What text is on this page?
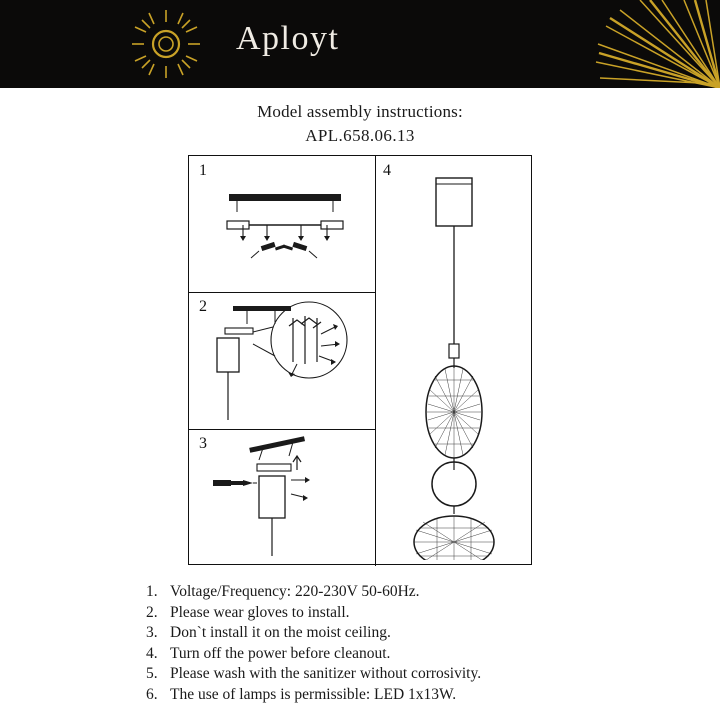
Aployt
Model assembly instructions:
APL.658.06.13
1
2
3
4
1. Voltage/Frequency: 220-230V 50-60Hz.
2. Please wear gloves to install.
3. Don`t install it on the moist ceiling.
4. Turn off the power before cleanout.
5. Please wash with the sanitizer without corrosivity.
6. The use of lamps is permissible: LED 1x13W.
